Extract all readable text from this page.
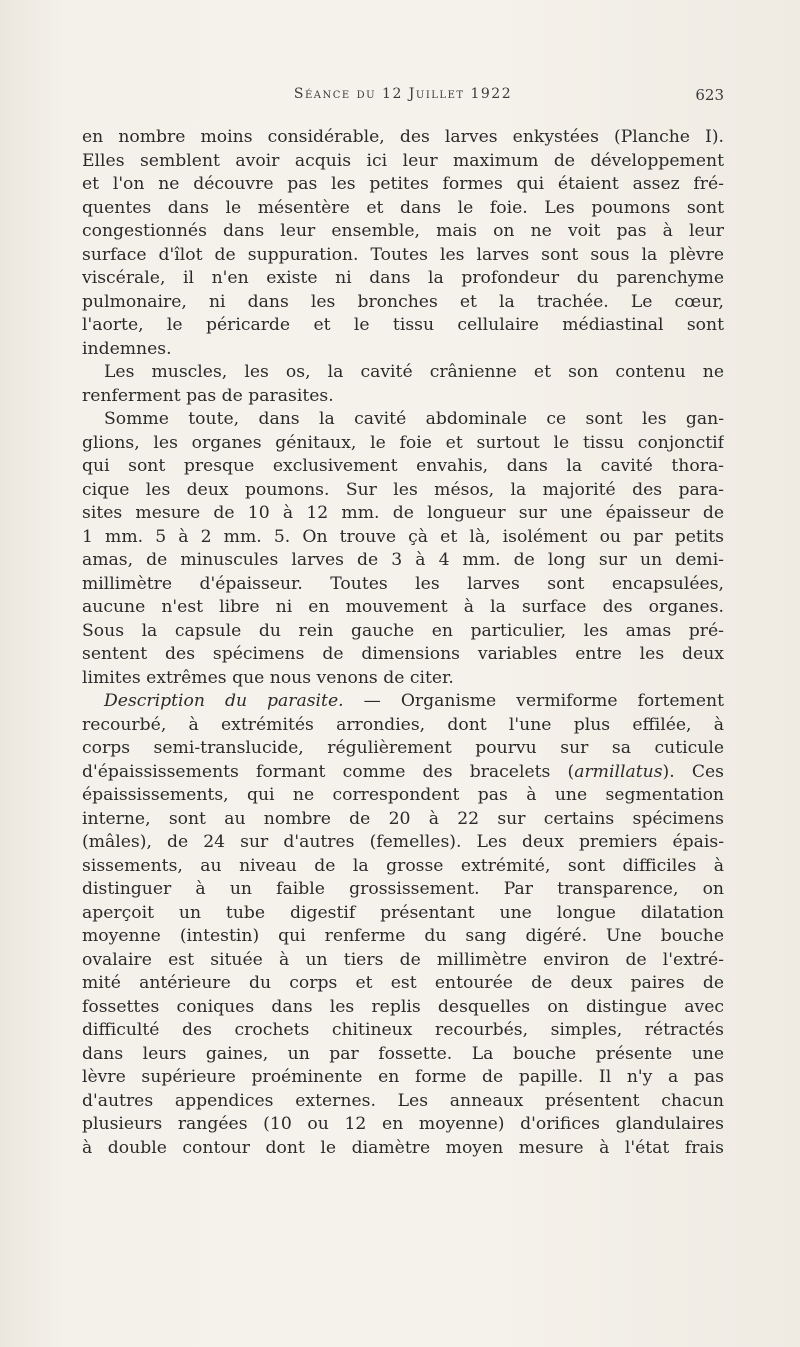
Séance du 12 Juillet 1922	623
en nombre moins considérable, des larves enkystées (Planche I).
Elles semblent avoir acquis ici leur maximum de développement
et l'on ne découvre pas les petites formes qui étaient assez fré-
quentes dans le mésentère et dans le foie. Les poumons sont
congestionnés dans leur ensemble, mais on ne voit pas à leur
surface d'îlot de suppuration. Toutes les larves sont sous la plèvre
viscérale, il n'en existe ni dans la profondeur du parenchyme
pulmonaire, ni dans les bronches et la trachée. Le cœur,
l'aorte, le péricarde et le tissu cellulaire médiastinal sont
indemnes.
Les muscles, les os, la cavité crânienne et son contenu ne
renferment pas de parasites.
Somme toute, dans la cavité abdominale ce sont les gan-
glions, les organes génitaux, le foie et surtout le tissu conjonctif
qui sont presque exclusivement envahis, dans la cavité thora-
cique les deux poumons. Sur les mésos, la majorité des para-
sites mesure de 10 à 12 mm. de longueur sur une épaisseur de
1 mm. 5 à 2 mm. 5. On trouve çà et là, isolément ou par petits
amas, de minuscules larves de 3 à 4 mm. de long sur un demi-
millimètre d'épaisseur. Toutes les larves sont encapsulées,
aucune n'est libre ni en mouvement à la surface des organes.
Sous la capsule du rein gauche en particulier, les amas pré-
sentent des spécimens de dimensions variables entre les deux
limites extrêmes que nous venons de citer.
Description du parasite. — Organisme vermiforme fortement
recourbé, à extrémités arrondies, dont l'une plus effilée, à
corps semi-translucide, régulièrement pourvu sur sa cuticule
d'épaississements formant comme des bracelets (armillatus). Ces
épaississements, qui ne correspondent pas à une segmentation
interne, sont au nombre de 20 à 22 sur certains spécimens
(mâles), de 24 sur d'autres (femelles). Les deux premiers épais-
sissements, au niveau de la grosse extrémité, sont difficiles à
distinguer à un faible grossissement. Par transparence, on
aperçoit un tube digestif présentant une longue dilatation
moyenne (intestin) qui renferme du sang digéré. Une bouche
ovalaire est située à un tiers de millimètre environ de l'extré-
mité antérieure du corps et est entourée de deux paires de
fossettes coniques dans les replis desquelles on distingue avec
difficulté des crochets chitineux recourbés, simples, rétractés
dans leurs gaines, un par fossette. La bouche présente une
lèvre supérieure proéminente en forme de papille. Il n'y a pas
d'autres appendices externes. Les anneaux présentent chacun
plusieurs rangées (10 ou 12 en moyenne) d'orifices glandulaires
à double contour dont le diamètre moyen mesure à l'état frais
